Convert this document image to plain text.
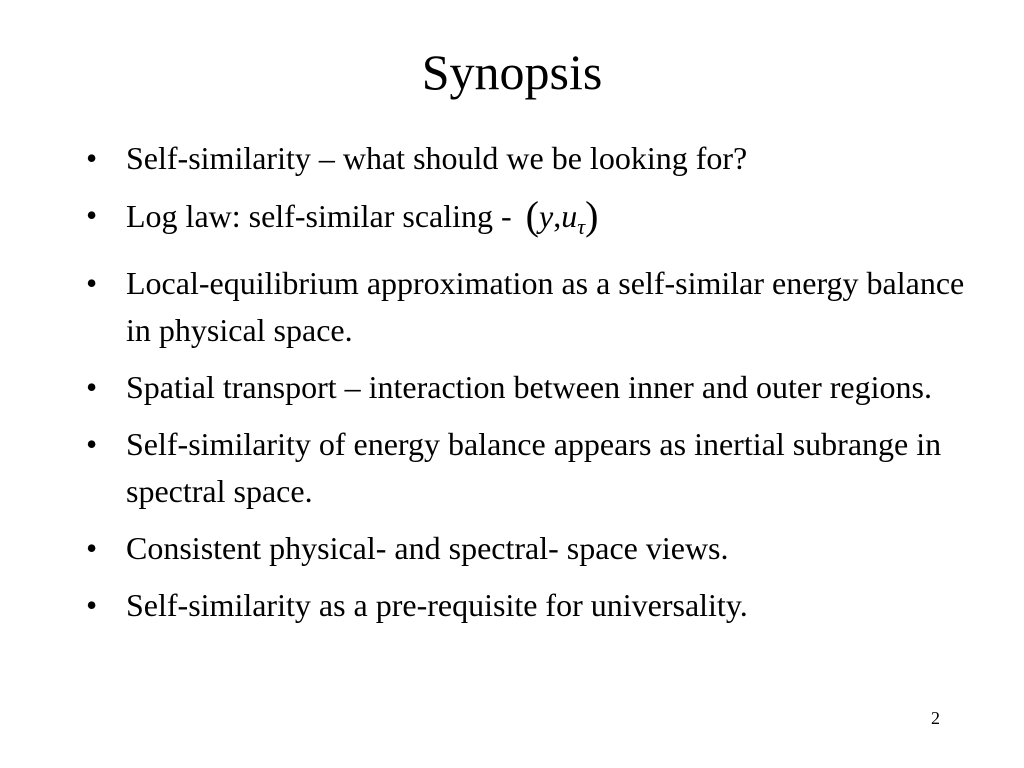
Synopsis
• Self-similarity – what should we be looking for?
• Log law: self-similar scaling - $(y,u_\tau)$
• Local-equilibrium approximation as a self-similar energy balance in physical space.
• Spatial transport – interaction between inner and outer regions.
• Self-similarity of energy balance appears as inertial subrange in spectral space.
• Consistent physical- and spectral- space views.
• Self-similarity as a pre-requisite for universality.
2
